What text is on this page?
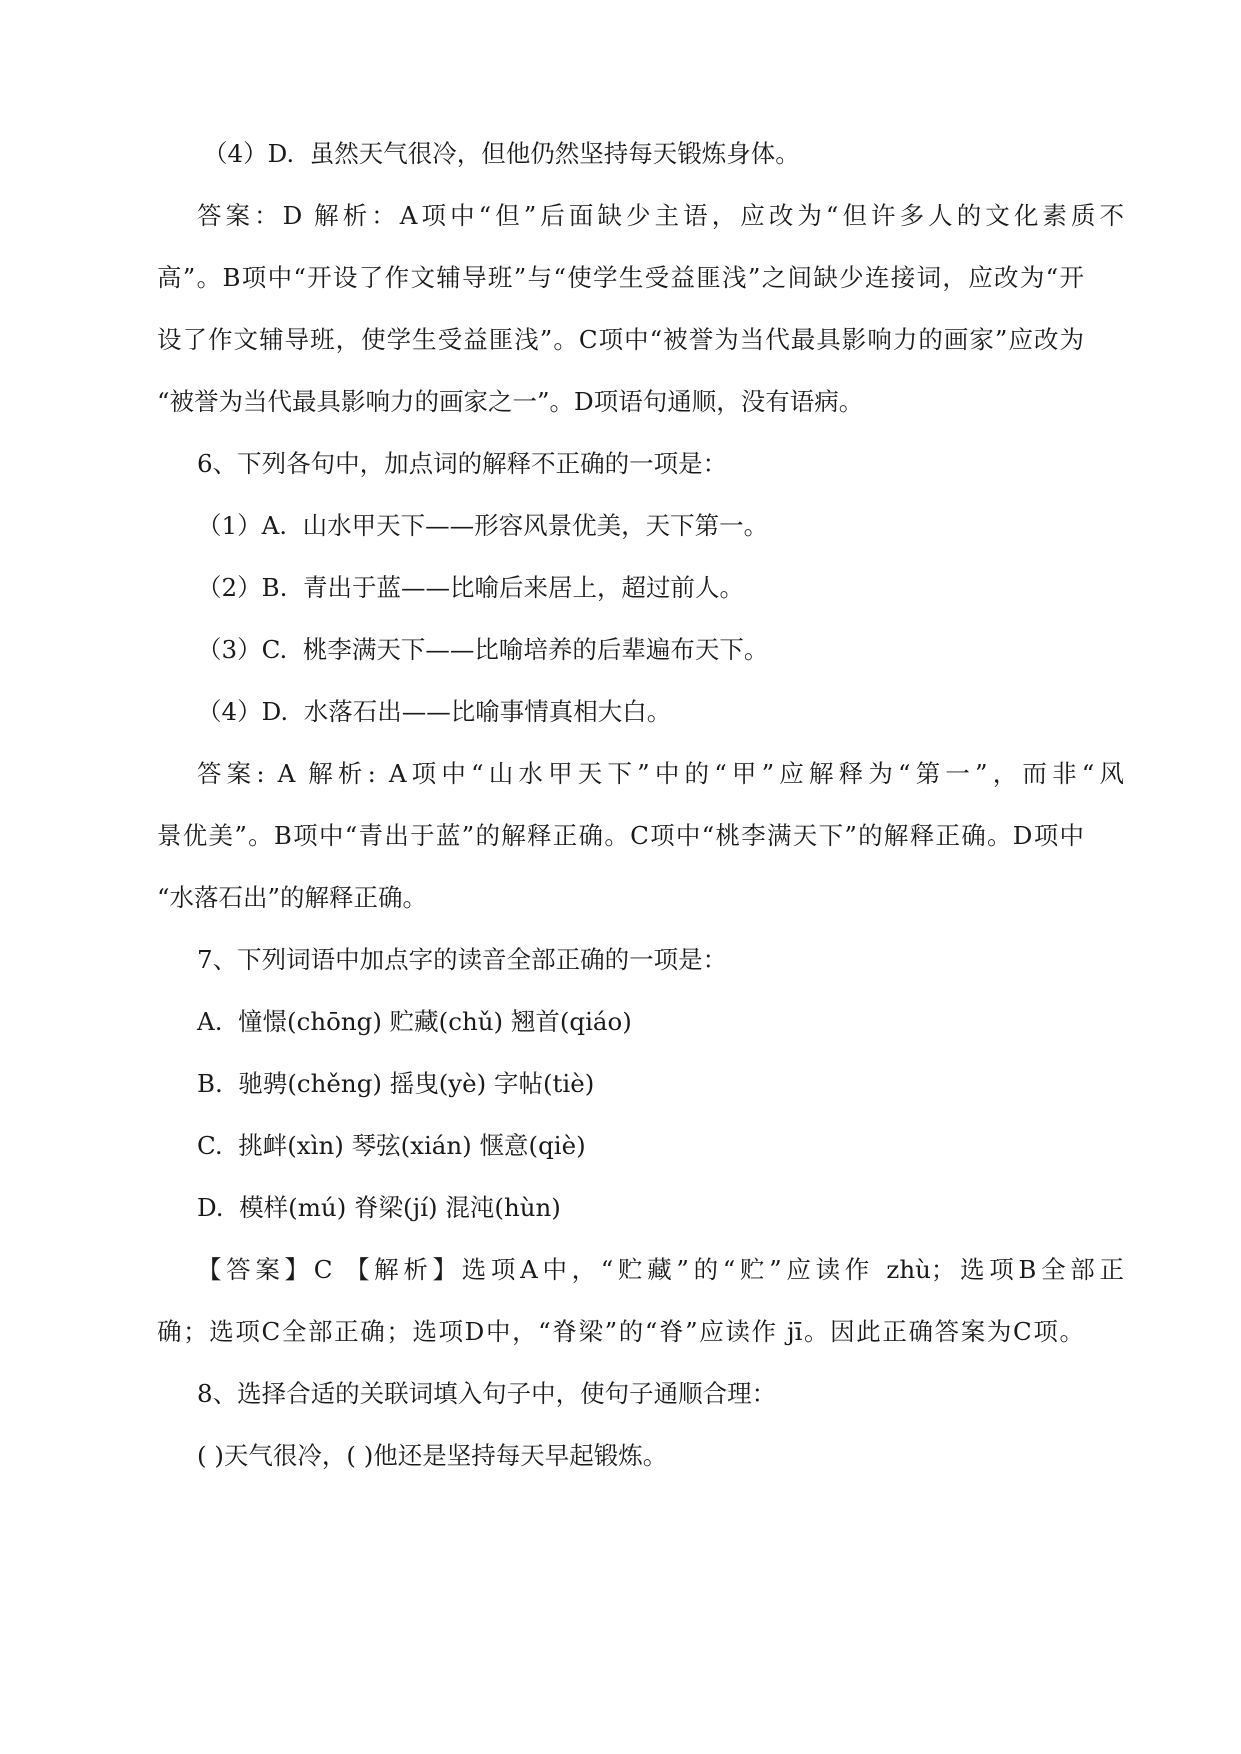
（4）D.  虽然天气很冷，但他仍然坚持每天锻炼身体。

答案：D 解析：A项中“但”后面缺少主语，应改为“但许多人的文化素质不

高”。B项中“开设了作文辅导班”与“使学生受益匪浅”之间缺少连接词，应改为“开

设了作文辅导班，使学生受益匪浅”。C项中“被誉为当代最具影响力的画家”应改为

“被誉为当代最具影响力的画家之一”。D项语句通顺，没有语病。

6、下列各句中，加点词的解释不正确的一项是：

（1）A.  山水甲天下——形容风景优美，天下第一。

（2）B.  青出于蓝——比喻后来居上，超过前人。

（3）C.  桃李满天下——比喻培养的后辈遍布天下。

（4）D.  水落石出——比喻事情真相大白。

答案: A 解析: A项中“山水甲天下”中的“甲”应解释为“第一”，而非“风

景优美”。B项中“青出于蓝”的解释正确。C项中“桃李满天下”的解释正确。D项中

“水落石出”的解释正确。

7、下列词语中加点字的读音全部正确的一项是：

A.  憧憬(chōng) 贮藏(chǔ) 翘首(qiáo)

B.  驰骋(chěng) 摇曳(yè) 字帖(tiè)

C.  挑衅(xìn) 琴弦(xián) 惬意(qiè)

D.  模样(mú) 脊梁(jí) 混沌(hùn)

【答案】C 【解析】选项A中，“贮藏”的“贮”应读作 zhù；选项B全部正

确；选项C全部正确；选项D中，“脊梁”的“脊”应读作 jī。因此正确答案为C项。

8、选择合适的关联词填入句子中，使句子通顺合理：

( )天气很冷，( )他还是坚持每天早起锻炼。
